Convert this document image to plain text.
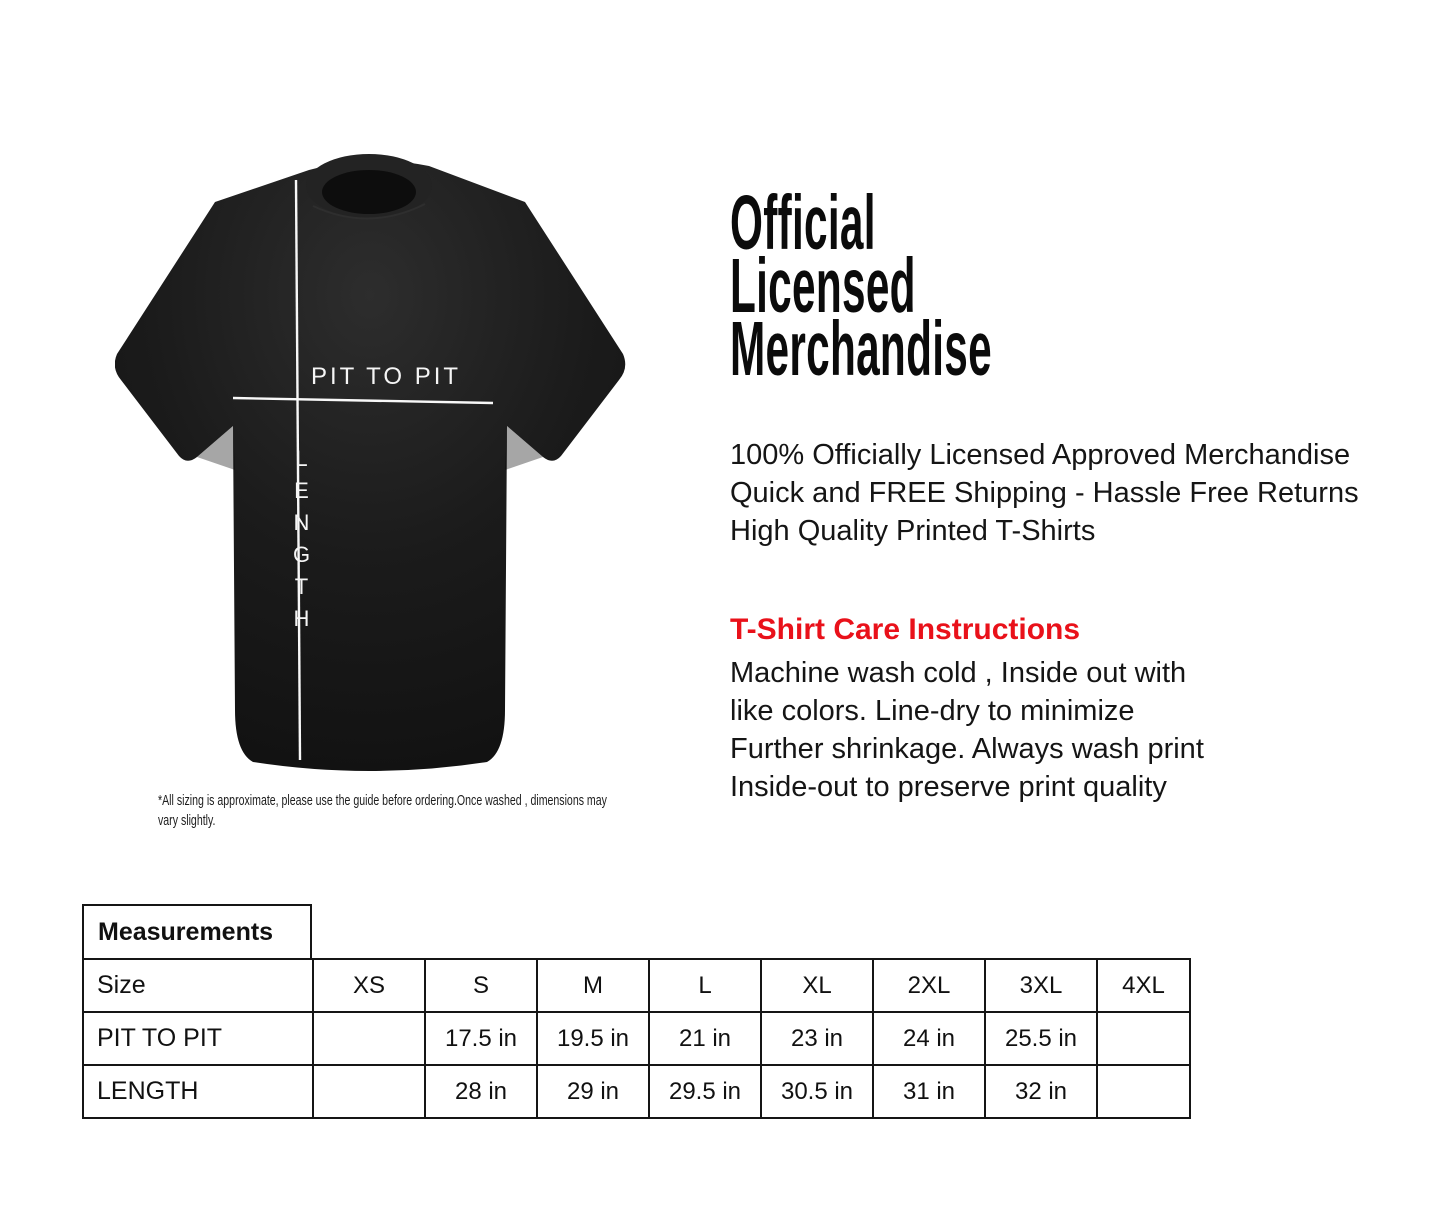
PIT TO PIT
LENGTH
*All sizing is approximate, please use the guide before ordering.Once washed , dimensions may
vary slightly.
Official
Licensed
Merchandise
100% Officially Licensed Approved Merchandise
Quick and FREE Shipping - Hassle Free Returns
High Quality Printed T-Shirts
T-Shirt Care Instructions
Machine wash cold , Inside out with
like colors. Line-dry to minimize
Further shrinkage. Always wash print
Inside-out to preserve print quality
Measurements
Size	XS	S	M	L	XL	2XL	3XL	4XL
PIT TO PIT		17.5 in	19.5 in	21 in	23 in	24 in	25.5 in	
LENGTH		28 in	29 in	29.5 in	30.5 in	31 in	32 in	
